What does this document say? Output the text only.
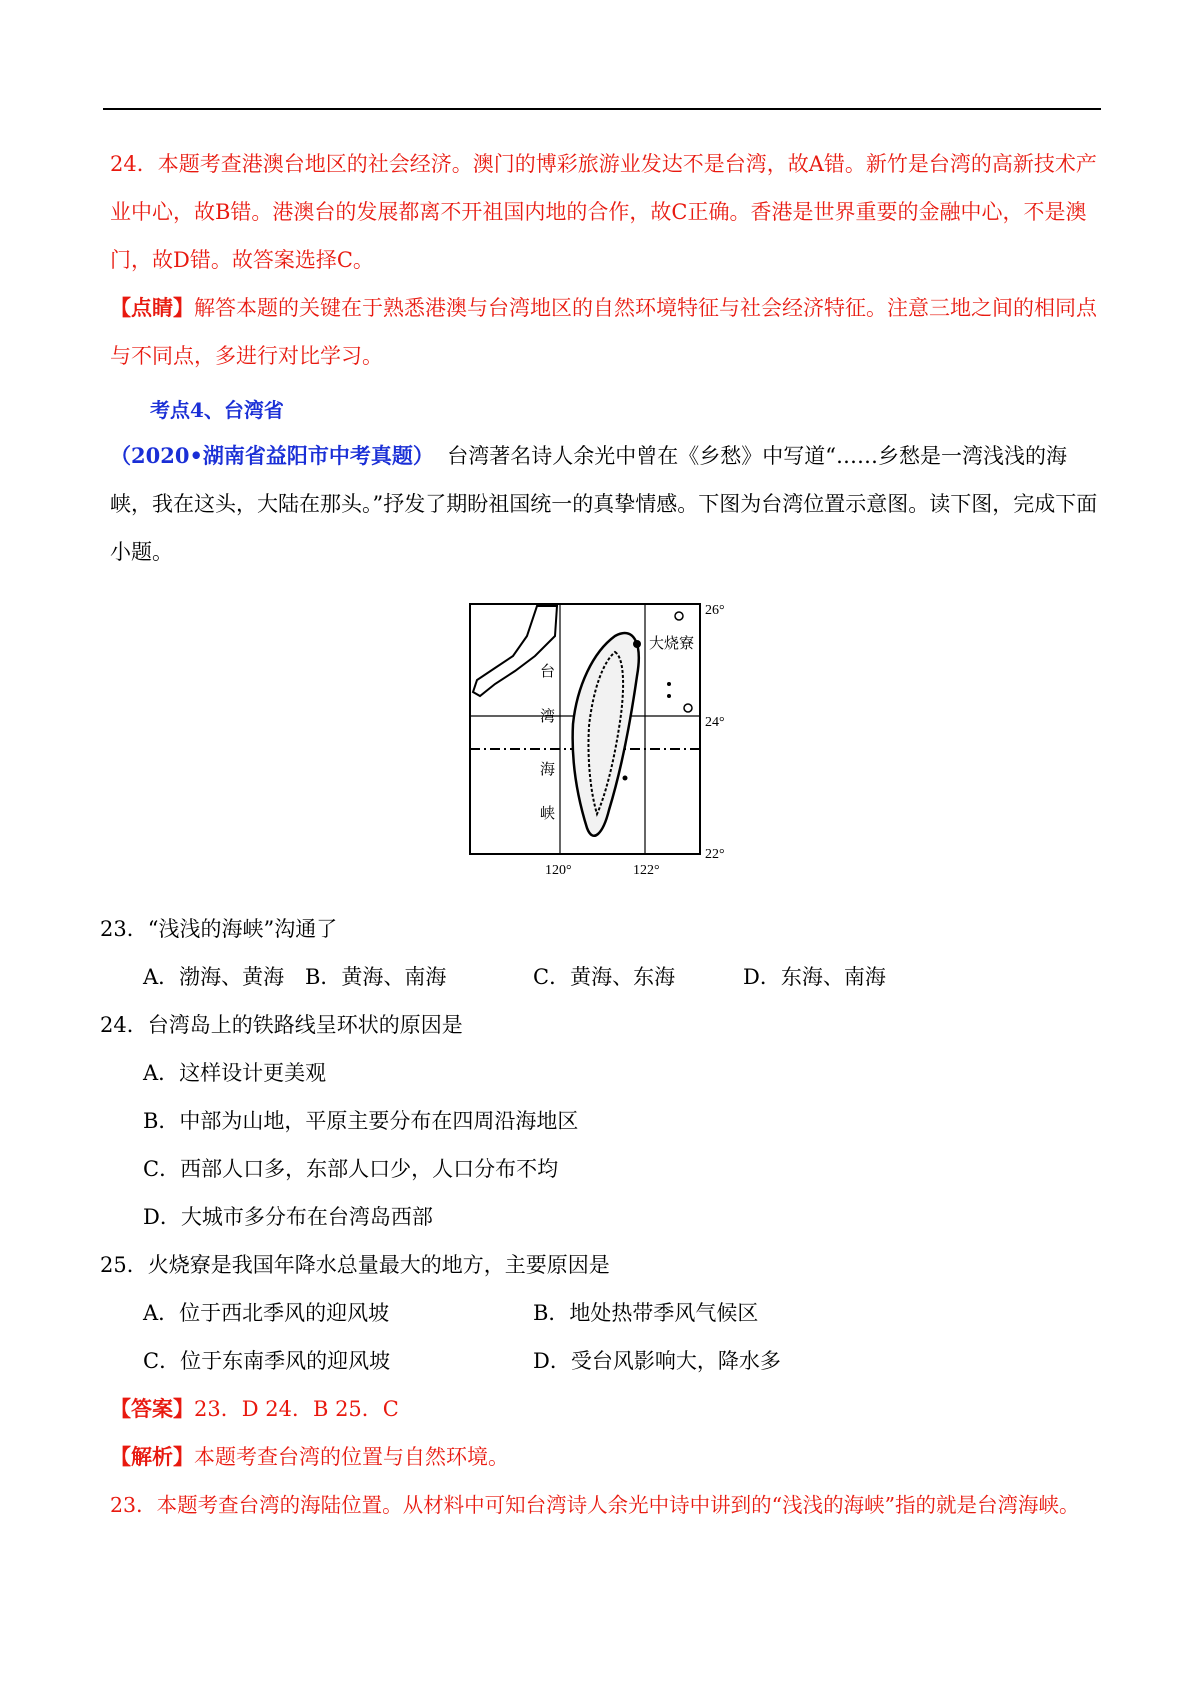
24．本题考查港澳台地区的社会经济。澳门的博彩旅游业发达不是台湾，故A错。新竹是台湾的高新技术产业中心，故B错。港澳台的发展都离不开祖国内地的合作，故C正确。香港是世界重要的金融中心，不是澳门，故D错。故答案选择C。
【点睛】解答本题的关键在于熟悉港澳与台湾地区的自然环境特征与社会经济特征。注意三地之间的相同点与不同点，多进行对比学习。
考点4、台湾省
（2020•湖南省益阳市中考真题） 台湾著名诗人余光中曾在《乡愁》中写道“……乡愁是一湾浅浅的海峡，我在这头，大陆在那头。”抒发了期盼祖国统一的真挚情感。下图为台湾位置示意图。读下图，完成下面小题。
大烧寮
26°
24°
22°
120°	122°
台
湾
海
峡
23．“浅浅的海峡”沟通了
A．渤海、黄海 B．黄海、南海	C．黄海、东海	D．东海、南海
24．台湾岛上的铁路线呈环状的原因是
A．这样设计更美观
B．中部为山地，平原主要分布在四周沿海地区
C．西部人口多，东部人口少，人口分布不均
D．大城市多分布在台湾岛西部
25．火烧寮是我国年降水总量最大的地方，主要原因是
A．位于西北季风的迎风坡	B．地处热带季风气候区
C．位于东南季风的迎风坡	D．受台风影响大，降水多
【答案】23．D 24．B 25．C
【解析】本题考查台湾的位置与自然环境。
23．本题考查台湾的海陆位置。从材料中可知台湾诗人余光中诗中讲到的“浅浅的海峡”指的就是台湾海峡。
